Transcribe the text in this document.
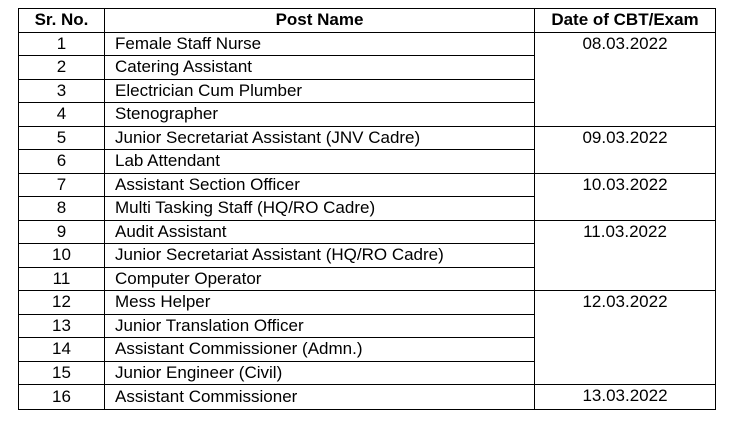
Sr. No.	Post Name	Date of CBT/Exam
1	Female Staff Nurse	08.03.2022
2	Catering Assistant	
3	Electrician Cum Plumber	
4	Stenographer	
5	Junior Secretariat Assistant (JNV Cadre)	09.03.2022
6	Lab Attendant	
7	Assistant Section Officer	10.03.2022
8	Multi Tasking Staff (HQ/RO Cadre)	
9	Audit Assistant	11.03.2022
10	Junior Secretariat Assistant (HQ/RO Cadre)	
11	Computer Operator	
12	Mess Helper	12.03.2022
13	Junior Translation Officer	
14	Assistant Commissioner (Admn.)	
15	Junior Engineer (Civil)	
16	Assistant Commissioner	13.03.2022
